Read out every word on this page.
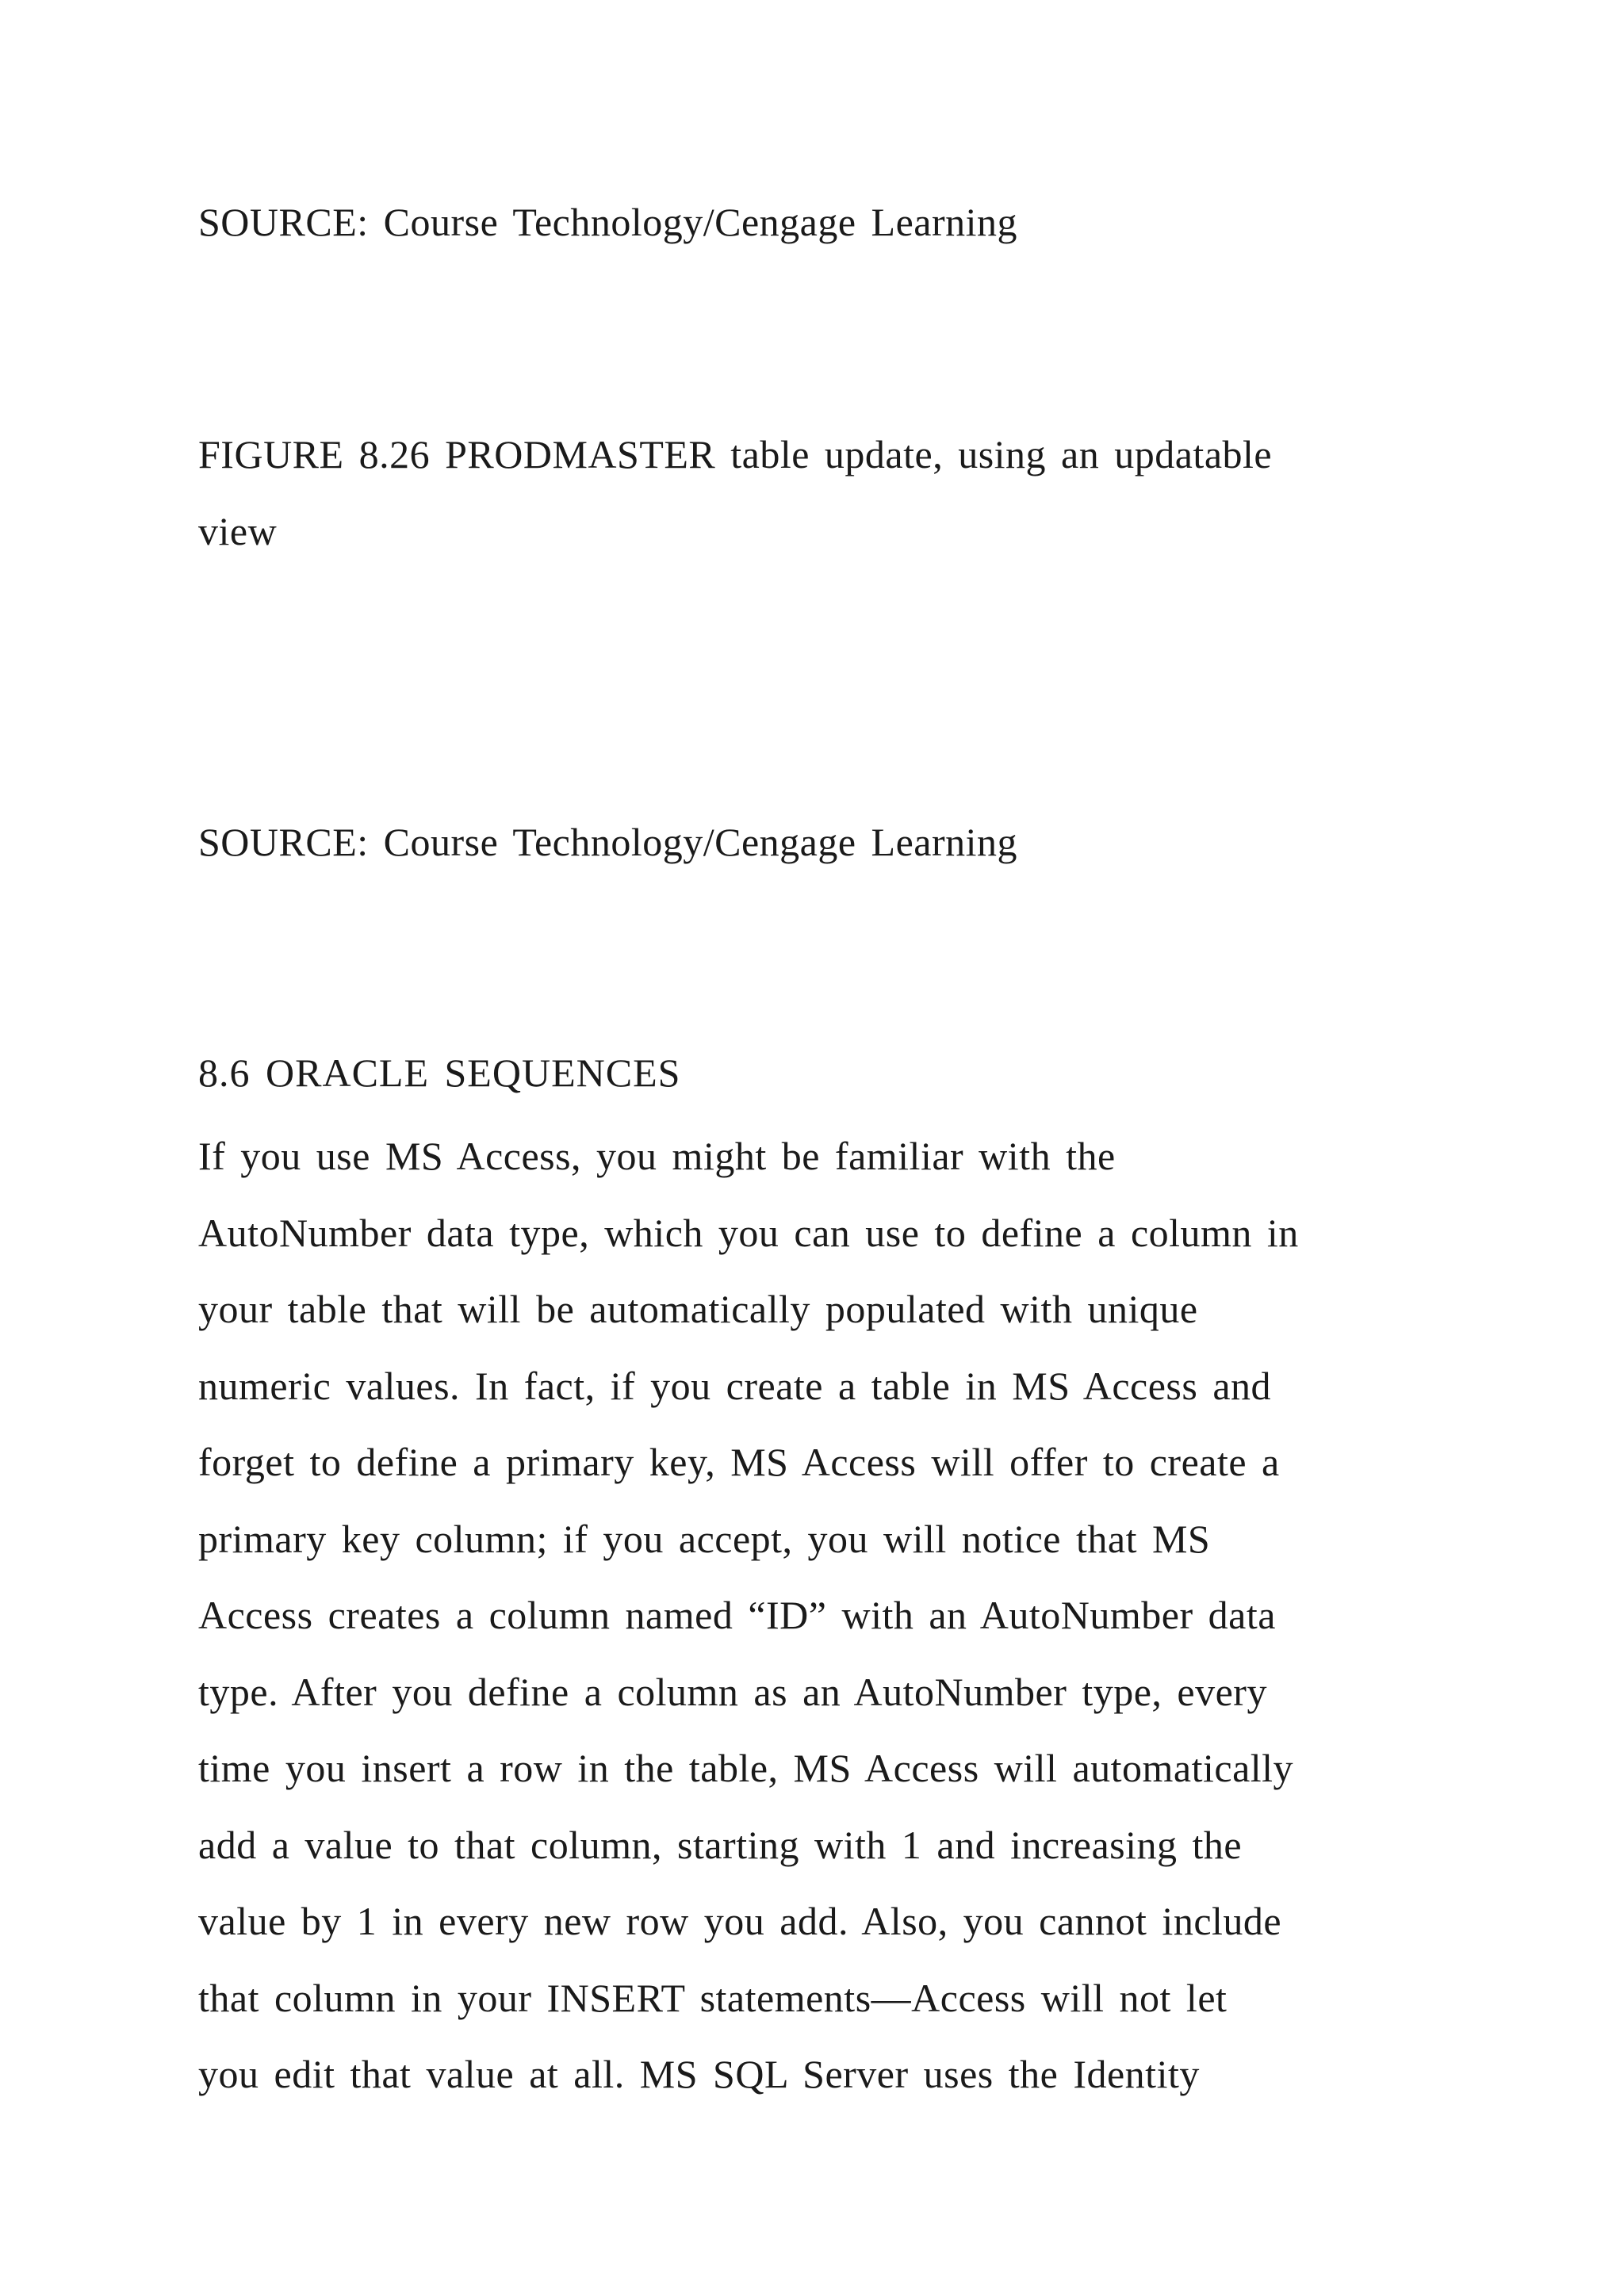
SOURCE: Course Technology/Cengage Learning
FIGURE 8.26 PRODMASTER table update, using an updatable
view
SOURCE: Course Technology/Cengage Learning
8.6 ORACLE SEQUENCES
If you use MS Access, you might be familiar with the
AutoNumber data type, which you can use to define a column in
your table that will be automatically populated with unique
numeric values. In fact, if you create a table in MS Access and
forget to define a primary key, MS Access will offer to create a
primary key column; if you accept, you will notice that MS
Access creates a column named “ID” with an AutoNumber data
type. After you define a column as an AutoNumber type, every
time you insert a row in the table, MS Access will automatically
add a value to that column, starting with 1 and increasing the
value by 1 in every new row you add. Also, you cannot include
that column in your INSERT statements—Access will not let
you edit that value at all. MS SQL Server uses the Identity
